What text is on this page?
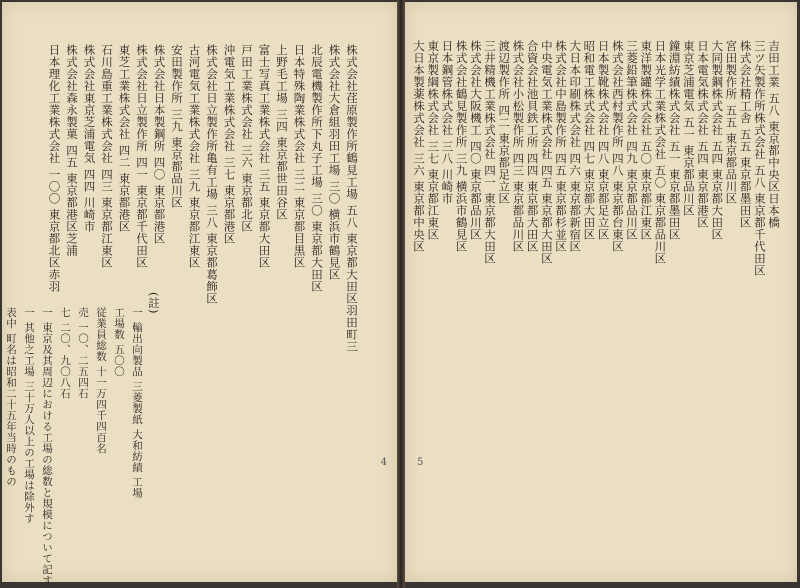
株式会社荏原製作所鶴見工場 五八 東京都大田区羽田町三
株式会社大倉組羽田工場 三〇 横浜市鶴見区
北辰電機製作所下丸子工場 三〇 東京都大田区
日本特殊陶業株式会社 三二 東京都目黒区
上野毛工場 三四 東京都世田谷区
富士写真工業株式会社 三五 東京都大田区
戸田工業株式会社 三六 東京都北区
沖電気工業株式会社 三七 東京都港区
株式会社日立製作所亀有工場 三八 東京都葛飾区
古河電気工業株式会社 三九 東京都江東区
安田製作所 三九 東京都品川区
株式会社日本製鋼所 四〇 東京都港区
株式会社日立製作所 四一 東京都千代田区
東芝工業株式会社 四二 東京都港区
石川島重工業株式会社 四三 東京都江東区
株式会社東京芝浦電気 四四 川崎市
株式会社森永製菓 四五 東京都港区芝浦
日本理化工業株式会社 一〇〇 東京都北区赤羽
(註)
一 輸出向製品 三菱製紙 大和紡績 工場
工場数 五〇〇
従業員総数 十一万四千四百名
売 一〇、二五四石
七 二〇、九〇八石
一 東京及其周辺における工場の総数と規模について記す
一 其他之工場 三十万人以上の工場は除外す
表中 町名は昭和二十五年当時のもの	4
吉田工業 五八 東京都中央区日本橋
三ツ矢製作所株式会社 五八 東京都千代田区
株式会社精工舎 五五 東京都墨田区
宮田製作所 五五 東京都品川区
大同製鋼株式会社 五四 東京都大田区
日本電気株式会社 五四 東京都港区
東京芝浦電気 五一 東京都品川区
鐘淵紡績株式会社 五一 東京都墨田区
日本光学工業株式会社 五〇 東京都品川区
東洋製罐株式会社 五〇 東京都江東区
三菱鉛筆株式会社 四九 東京都品川区
株式会社西村製作所 四八 東京都台東区
日本製靴株式会社 四八 東京都足立区
昭和電工株式会社 四七 東京都大田区
大日本印刷株式会社 四六 東京都新宿区
株式会社中島製作所 四五 東京都杉並区
中央電気工業株式会社 四五 東京都大田区
合資会社池貝鉄工所 四四 東京都大田区
株式会社小松製作所 四三 東京都品川区
渡辺製作所 四二 東京都足立区
三井精機工業株式会社 四一 東京都大田区
株式会社大阪機工 四〇 東京都品川区
株式会社鶴見製作所 三九 横浜市鶴見区
日本鋼管株式会社 三八 川崎市
東京製綱株式会社 三七 東京都江東区
大日本製薬株式会社 三六 東京都中央区
5
